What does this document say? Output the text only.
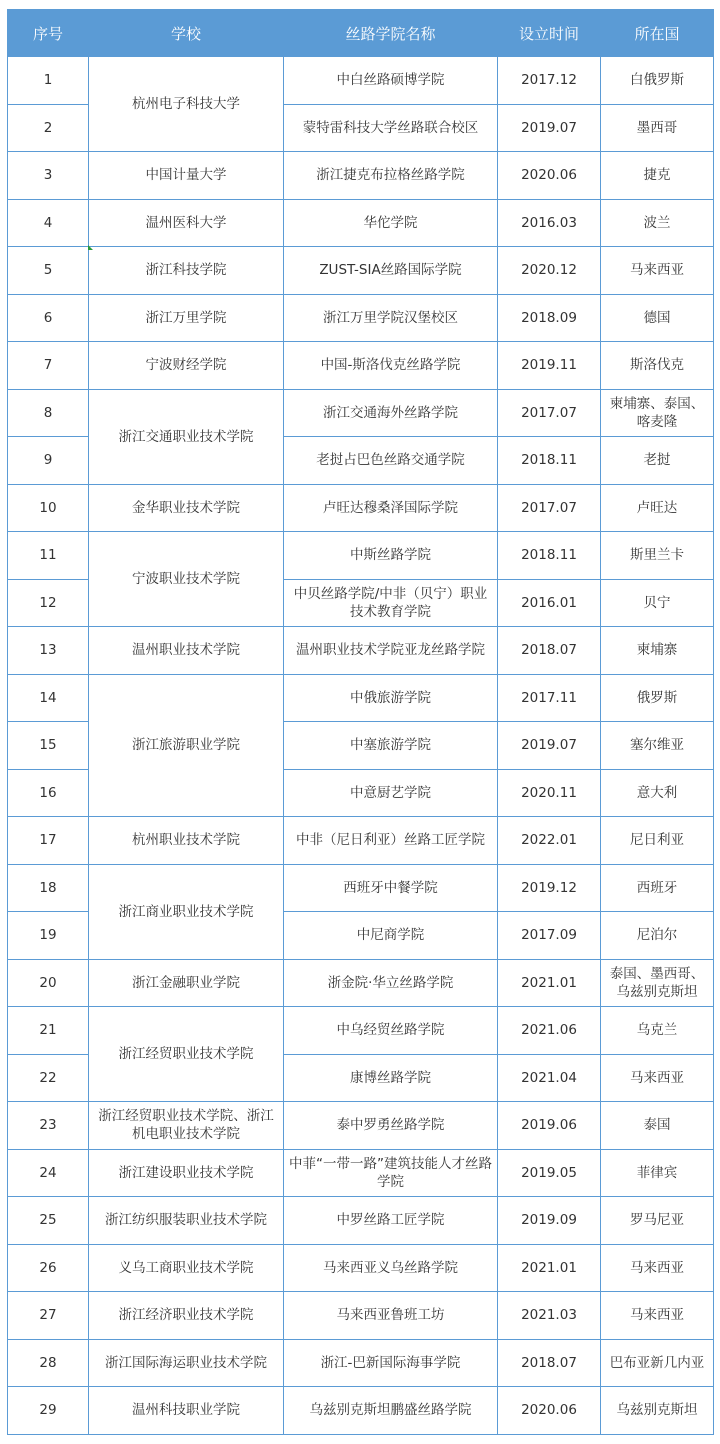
序号	学校	丝路学院名称	设立时间	所在国
1	杭州电子科技大学	中白丝路硕博学院	2017.12	白俄罗斯
2		蒙特雷科技大学丝路联合校区	2019.07	墨西哥
3	中国计量大学	浙江捷克布拉格丝路学院	2020.06	捷克
4	温州医科大学	华佗学院	2016.03	波兰
5	浙江科技学院	ZUST-SIA丝路国际学院	2020.12	马来西亚
6	浙江万里学院	浙江万里学院汉堡校区	2018.09	德国
7	宁波财经学院	中国-斯洛伐克丝路学院	2019.11	斯洛伐克
8	浙江交通职业技术学院	浙江交通海外丝路学院	2017.07	柬埔寨、泰国、喀麦隆
9		老挝占巴色丝路交通学院	2018.11	老挝
10	金华职业技术学院	卢旺达穆桑泽国际学院	2017.07	卢旺达
11	宁波职业技术学院	中斯丝路学院	2018.11	斯里兰卡
12		中贝丝路学院/中非（贝宁）职业技术教育学院	2016.01	贝宁
13	温州职业技术学院	温州职业技术学院亚龙丝路学院	2018.07	柬埔寨
14	浙江旅游职业学院	中俄旅游学院	2017.11	俄罗斯
15		中塞旅游学院	2019.07	塞尔维亚
16		中意厨艺学院	2020.11	意大利
17	杭州职业技术学院	中非（尼日利亚）丝路工匠学院	2022.01	尼日利亚
18	浙江商业职业技术学院	西班牙中餐学院	2019.12	西班牙
19		中尼商学院	2017.09	尼泊尔
20	浙江金融职业学院	浙金院·华立丝路学院	2021.01	泰国、墨西哥、乌兹别克斯坦
21	浙江经贸职业技术学院	中乌经贸丝路学院	2021.06	乌克兰
22		康博丝路学院	2021.04	马来西亚
23	浙江经贸职业技术学院、浙江机电职业技术学院	泰中罗勇丝路学院	2019.06	泰国
24	浙江建设职业技术学院	中菲“一带一路”建筑技能人才丝路学院	2019.05	菲律宾
25	浙江纺织服装职业技术学院	中罗丝路工匠学院	2019.09	罗马尼亚
26	义乌工商职业技术学院	马来西亚义乌丝路学院	2021.01	马来西亚
27	浙江经济职业技术学院	马来西亚鲁班工坊	2021.03	马来西亚
28	浙江国际海运职业技术学院	浙江-巴新国际海事学院	2018.07	巴布亚新几内亚
29	温州科技职业学院	乌兹别克斯坦鹏盛丝路学院	2020.06	乌兹别克斯坦
